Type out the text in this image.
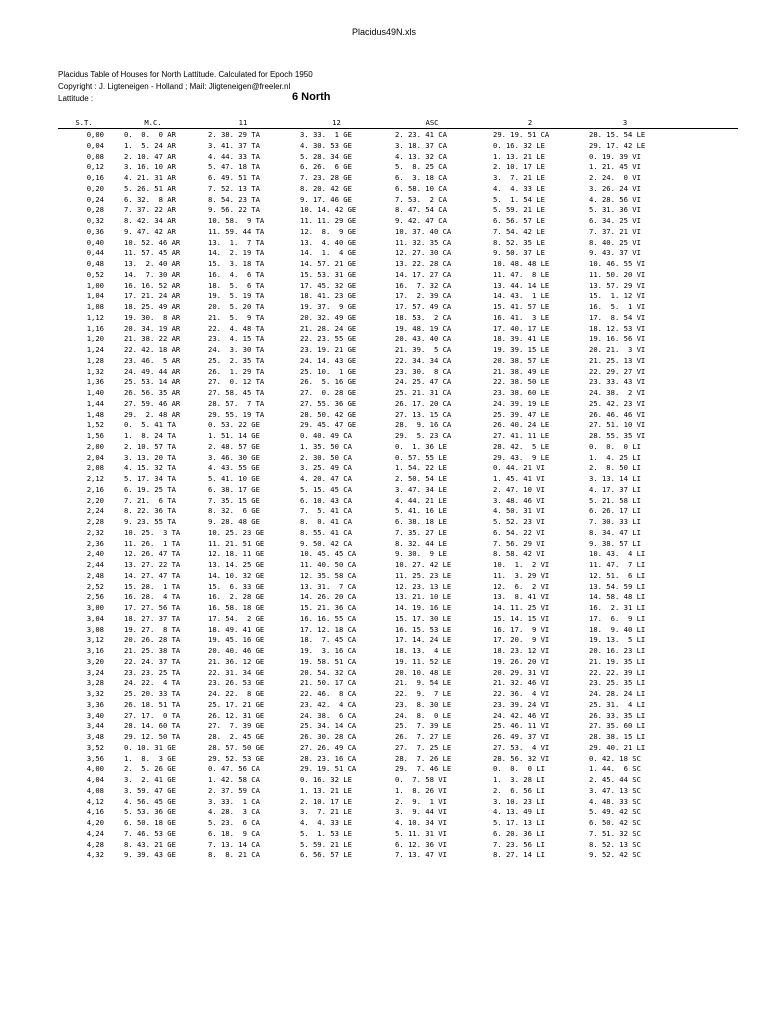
Placidus49N.xls
Placidus Table of Houses for North Lattitude. Calculated for Epoch 1950
Copyright : J. Ligteneigen - Holland ; Mail: Jligteneigen@freeler.nl
Lattitude :	6 North
S.T.	M.C.	11	12	ASC	2	3
0,00	0.  0.  0 AR	2. 38. 29 TA	3. 33.  1 GE	2. 23. 41 CA	29. 19. 51 CA	28. 15. 54 LE
0,04	1.  5. 24 AR	3. 41. 37 TA	4. 30. 53 GE	3. 18. 37 CA	0. 16. 32 LE	29. 17. 42 LE
0,08	2. 10. 47 AR	4. 44. 33 TA	5. 28. 34 GE	4. 13. 32 CA	1. 13. 21 LE	0. 19. 39 VI
0,12	3. 16. 10 AR	5. 47. 18 TA	6. 26.  6 GE	5.  8. 25 CA	2. 10. 17 LE	1. 21. 45 VI
0,16	4. 21. 31 AR	6. 49. 51 TA	7. 23. 28 GE	6.  3. 18 CA	3.  7. 21 LE	2. 24.  0 VI
0,20	5. 26. 51 AR	7. 52. 13 TA	8. 20. 42 GE	6. 58. 10 CA	4.  4. 33 LE	3. 26. 24 VI
0,24	6. 32.  8 AR	8. 54. 23 TA	9. 17. 46 GE	7. 53.  2 CA	5.  1. 54 LE	4. 28. 56 VI
0,28	7. 37. 22 AR	9. 56. 22 TA	10. 14. 42 GE	8. 47. 54 CA	5. 59. 21 LE	5. 31. 36 VI
0,32	8. 42. 34 AR	10. 58.  9 TA	11. 11. 29 GE	9. 42. 47 CA	6. 56. 57 LE	6. 34. 25 VI
0,36	9. 47. 42 AR	11. 59. 44 TA	12.  8.  9 GE	10. 37. 40 CA	7. 54. 42 LE	7. 37. 21 VI
0,40	10. 52. 46 AR	13.  1.  7 TA	13.  4. 40 GE	11. 32. 35 CA	8. 52. 35 LE	8. 40. 25 VI
0,44	11. 57. 45 AR	14.  2. 19 TA	14.  1.  4 GE	12. 27. 30 CA	9. 50. 37 LE	9. 43. 37 VI
0,48	13.  2. 40 AR	15.  3. 18 TA	14. 57. 21 GE	13. 22. 28 CA	10. 48. 48 LE	10. 46. 55 VI
0,52	14.  7. 30 AR	16.  4.  6 TA	15. 53. 31 GE	14. 17. 27 CA	11. 47.  8 LE	11. 50. 20 VI
1,00	16. 16. 52 AR	18.  5.  6 TA	17. 45. 32 GE	16.  7. 32 CA	13. 44. 14 LE	13. 57. 29 VI
1,04	17. 21. 24 AR	19.  5. 19 TA	18. 41. 23 GE	17.  2. 39 CA	14. 43.  1 LE	15.  1. 12 VI
1,08	18. 25. 49 AR	20.  5. 20 TA	19. 37.  9 GE	17. 57. 49 CA	15. 41. 57 LE	16.  5.  1 VI
1,12	19. 30.  8 AR	21.  5.  9 TA	20. 32. 49 GE	18. 53.  2 CA	16. 41.  3 LE	17.  8. 54 VI
1,16	20. 34. 19 AR	22.  4. 48 TA	21. 28. 24 GE	19. 48. 19 CA	17. 40. 17 LE	18. 12. 53 VI
1,20	21. 38. 22 AR	23.  4. 15 TA	22. 23. 55 GE	20. 43. 40 CA	18. 39. 41 LE	19. 16. 56 VI
1,24	22. 42. 18 AR	24.  3. 30 TA	23. 19. 21 GE	21. 39.  5 CA	19. 39. 15 LE	20. 21.  3 VI
1,28	23. 46.  5 AR	25.  2. 35 TA	24. 14. 43 GE	22. 34. 34 CA	20. 38. 57 LE	21. 25. 13 VI
1,32	24. 49. 44 AR	26.  1. 29 TA	25. 10.  1 GE	23. 30.  8 CA	21. 38. 49 LE	22. 29. 27 VI
1,36	25. 53. 14 AR	27.  0. 12 TA	26.  5. 16 GE	24. 25. 47 CA	22. 38. 50 LE	23. 33. 43 VI
1,40	26. 56. 35 AR	27. 58. 45 TA	27.  0. 28 GE	25. 21. 31 CA	23. 38. 60 LE	24. 38.  2 VI
1,44	27. 59. 46 AR	28. 57.  7 TA	27. 55. 36 GE	26. 17. 20 CA	24. 39. 19 LE	25. 42. 23 VI
1,48	29.  2. 48 AR	29. 55. 19 TA	28. 50. 42 GE	27. 13. 15 CA	25. 39. 47 LE	26. 46. 46 VI
1,52	0.  5. 41 TA	0. 53. 22 GE	29. 45. 47 GE	28.  9. 16 CA	26. 40. 24 LE	27. 51. 10 VI
1,56	1.  8. 24 TA	1. 51. 14 GE	0. 40. 49 CA	29.  5. 23 CA	27. 41. 11 LE	28. 55. 35 VI
2,00	2. 10. 57 TA	2. 48. 57 GE	1. 35. 50 CA	0.  1. 36 LE	28. 42.  5 LE	0.  0.  0 LI
2,04	3. 13. 20 TA	3. 46. 30 GE	2. 30. 50 CA	0. 57. 55 LE	29. 43.  9 LE	1.  4. 25 LI
2,08	4. 15. 32 TA	4. 43. 55 GE	3. 25. 49 CA	1. 54. 22 LE	0. 44. 21 VI	2.  8. 50 LI
2,12	5. 17. 34 TA	5. 41. 10 GE	4. 20. 47 CA	2. 50. 54 LE	1. 45. 41 VI	3. 13. 14 LI
2,16	6. 19. 25 TA	6. 38. 17 GE	5. 15. 45 CA	3. 47. 34 LE	2. 47. 10 VI	4. 17. 37 LI
2,20	7. 21.  6 TA	7. 35. 15 GE	6. 10. 43 CA	4. 44. 21 LE	3. 48. 46 VI	5. 21. 58 LI
2,24	8. 22. 36 TA	8. 32.  6 GE	7.  5. 41 CA	5. 41. 16 LE	4. 50. 31 VI	6. 26. 17 LI
2,28	9. 23. 55 TA	9. 28. 48 GE	8.  0. 41 CA	6. 38. 18 LE	5. 52. 23 VI	7. 30. 33 LI
2,32	10. 25.  3 TA	10. 25. 23 GE	8. 55. 41 CA	7. 35. 27 LE	6. 54. 22 VI	8. 34. 47 LI
2,36	11. 26.  1 TA	11. 21. 51 GE	9. 50. 42 CA	8. 32. 44 LE	7. 56. 29 VI	9. 38. 57 LI
2,40	12. 26. 47 TA	12. 18. 11 GE	10. 45. 45 CA	9. 30.  9 LE	8. 58. 42 VI	10. 43.  4 LI
2,44	13. 27. 22 TA	13. 14. 25 GE	11. 40. 50 CA	10. 27. 42 LE	10.  1.  2 VI	11. 47.  7 LI
2,48	14. 27. 47 TA	14. 10. 32 GE	12. 35. 58 CA	11. 25. 23 LE	11.  3. 29 VI	12. 51.  6 LI
2,52	15. 28.  1 TA	15.  6. 33 GE	13. 31.  7 CA	12. 23. 13 LE	12.  6.  2 VI	13. 54. 59 LI
2,56	16. 28.  4 TA	16.  2. 28 GE	14. 26. 20 CA	13. 21. 10 LE	13.  8. 41 VI	14. 58. 48 LI
3,00	17. 27. 56 TA	16. 58. 18 GE	15. 21. 36 CA	14. 19. 16 LE	14. 11. 25 VI	16.  2. 31 LI
3,04	18. 27. 37 TA	17. 54.  2 GE	16. 16. 55 CA	15. 17. 30 LE	15. 14. 15 VI	17.  6.  9 LI
3,08	19. 27.  8 TA	18. 49. 41 GE	17. 12. 18 CA	16. 15. 53 LE	16. 17.  9 VI	18.  9. 40 LI
3,12	20. 26. 28 TA	19. 45. 16 GE	18.  7. 45 CA	17. 14. 24 LE	17. 20.  9 VI	19. 13.  5 LI
3,16	21. 25. 38 TA	20. 40. 46 GE	19.  3. 16 CA	18. 13.  4 LE	18. 23. 12 VI	20. 16. 23 LI
3,20	22. 24. 37 TA	21. 36. 12 GE	19. 58. 51 CA	19. 11. 52 LE	19. 26. 20 VI	21. 19. 35 LI
3,24	23. 23. 25 TA	22. 31. 34 GE	20. 54. 32 CA	20. 10. 48 LE	20. 29. 31 VI	22. 22. 39 LI
3,28	24. 22.  4 TA	23. 26. 53 GE	21. 50. 17 CA	21.  9. 54 LE	21. 32. 46 VI	23. 25. 35 LI
3,32	25. 20. 33 TA	24. 22.  8 GE	22. 46.  8 CA	22.  9.  7 LE	22. 36.  4 VI	24. 28. 24 LI
3,36	26. 18. 51 TA	25. 17. 21 GE	23. 42.  4 CA	23.  8. 30 LE	23. 39. 24 VI	25. 31.  4 LI
3,40	27. 17.  0 TA	26. 12. 31 GE	24. 38.  6 CA	24.  8.  0 LE	24. 42. 46 VI	26. 33. 35 LI
3,44	28. 14. 60 TA	27.  7. 39 GE	25. 34. 14 CA	25.  7. 39 LE	25. 46. 11 VI	27. 35. 60 LI
3,48	29. 12. 50 TA	28.  2. 45 GE	26. 30. 28 CA	26.  7. 27 LE	26. 49. 37 VI	28. 38. 15 LI
3,52	0. 10. 31 GE	28. 57. 50 GE	27. 26. 49 CA	27.  7. 25 LE	27. 53.  4 VI	29. 40. 21 LI
3,56	1.  8.  3 GE	29. 52. 53 GE	28. 23. 16 CA	28.  7. 26 LE	28. 56. 32 VI	0. 42. 18 SC
4,00	2.  5. 26 GE	0. 47. 56 CA	29. 19. 51 CA	29.  7. 46 LE	0.  0.  0 LI	1. 44.  6 SC
4,04	3.  2. 41 GE	1. 42. 58 CA	0. 16. 32 LE	0.  7. 58 VI	1.  3. 28 LI	2. 45. 44 SC
4,08	3. 59. 47 GE	2. 37. 59 CA	1. 13. 21 LE	1.  8. 26 VI	2.  6. 56 LI	3. 47. 13 SC
4,12	4. 56. 45 GE	3. 33.  1 CA	2. 10. 17 LE	2.  9.  1 VI	3. 10. 23 LI	4. 48. 33 SC
4,16	5. 53. 36 GE	4. 28.  3 CA	3.  7. 21 LE	3.  9. 44 VI	4. 13. 49 LI	5. 49. 42 SC
4,20	6. 50. 18 GE	5. 23.  6 CA	4.  4. 33 LE	4. 10. 34 VI	5. 17. 13 LI	6. 50. 42 SC
4,24	7. 46. 53 GE	6. 18.  9 CA	5.  1. 53 LE	5. 11. 31 VI	6. 20. 36 LI	7. 51. 32 SC
4,28	8. 43. 21 GE	7. 13. 14 CA	5. 59. 21 LE	6. 12. 36 VI	7. 23. 56 LI	8. 52. 13 SC
4,32	9. 39. 43 GE	8.  8. 21 CA	6. 56. 57 LE	7. 13. 47 VI	8. 27. 14 LI	9. 52. 42 SC
